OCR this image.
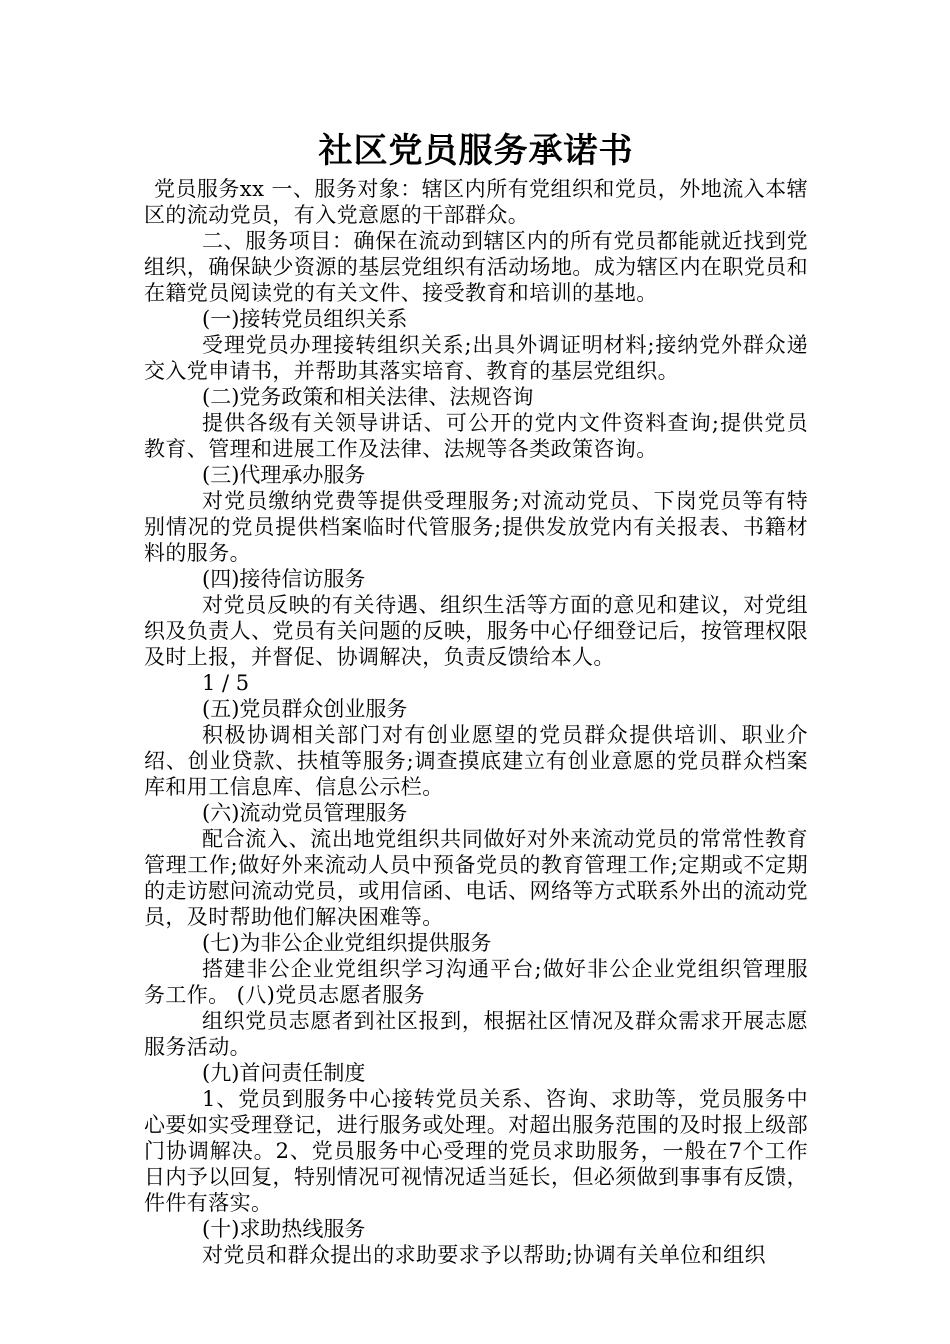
社区党员服务承诺书

党员服务xx 一、服务对象：辖区内所有党组织和党员，外地流入本辖区的流动党员，有入党意愿的干部群众。

二、服务项目：确保在流动到辖区内的所有党员都能就近找到党组织，确保缺少资源的基层党组织有活动场地。成为辖区内在职党员和在籍党员阅读党的有关文件、接受教育和培训的基地。

(一)接转党员组织关系

受理党员办理接转组织关系;出具外调证明材料;接纳党外群众递交入党申请书，并帮助其落实培育、教育的基层党组织。

(二)党务政策和相关法律、法规咨询

提供各级有关领导讲话、可公开的党内文件资料查询;提供党员教育、管理和进展工作及法律、法规等各类政策咨询。

(三)代理承办服务

对党员缴纳党费等提供受理服务;对流动党员、下岗党员等有特别情况的党员提供档案临时代管服务;提供发放党内有关报表、书籍材料的服务。

(四)接待信访服务

对党员反映的有关待遇、组织生活等方面的意见和建议，对党组织及负责人、党员有关问题的反映，服务中心仔细登记后，按管理权限及时上报，并督促、协调解决，负责反馈给本人。

1 / 5

(五)党员群众创业服务

积极协调相关部门对有创业愿望的党员群众提供培训、职业介绍、创业贷款、扶植等服务;调查摸底建立有创业意愿的党员群众档案库和用工信息库、信息公示栏。

(六)流动党员管理服务

配合流入、流出地党组织共同做好对外来流动党员的常常性教育管理工作;做好外来流动人员中预备党员的教育管理工作;定期或不定期的走访慰问流动党员，或用信函、电话、网络等方式联系外出的流动党员，及时帮助他们解决困难等。

(七)为非公企业党组织提供服务

搭建非公企业党组织学习沟通平台;做好非公企业党组织管理服务工作。 (八)党员志愿者服务

组织党员志愿者到社区报到，根据社区情况及群众需求开展志愿服务活动。

(九)首问责任制度

1、党员到服务中心接转党员关系、咨询、求助等，党员服务中心要如实受理登记，进行服务或处理。对超出服务范围的及时报上级部门协调解决。2、党员服务中心受理的党员求助服务，一般在7个工作日内予以回复，特别情况可视情况适当延长，但必须做到事事有反馈，件件有落实。

(十)求助热线服务

对党员和群众提出的求助要求予以帮助;协调有关单位和组织
